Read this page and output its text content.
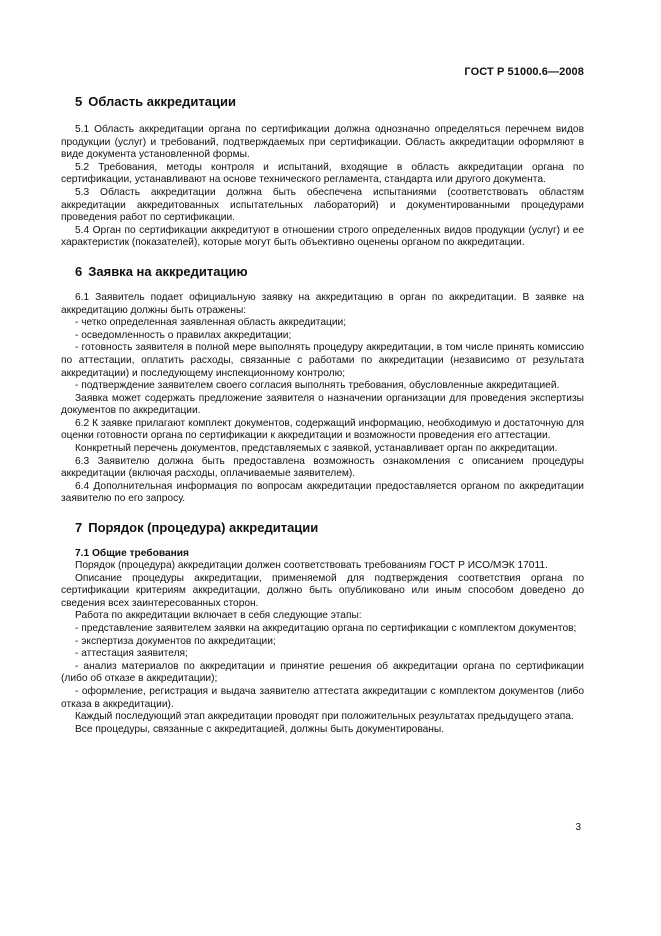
ГОСТ Р 51000.6—2008
5 Область аккредитации

5.1 Область аккредитации органа по сертификации должна однозначно определяться перечнем видов продукции (услуг) и требований, подтверждаемых при сертификации. Область аккредитации оформляют в виде документа установленной формы.

5.2 Требования, методы контроля и испытаний, входящие в область аккредитации органа по сертификации, устанавливают на основе технического регламента, стандарта или другого документа.

5.3 Область аккредитации должна быть обеспечена испытаниями (соответствовать областям аккредитации аккредитованных испытательных лабораторий) и документированными процедурами проведения работ по сертификации.

5.4 Орган по сертификации аккредитуют в отношении строго определенных видов продукции (услуг) и ее характеристик (показателей), которые могут быть объективно оценены органом по аккредитации.

6 Заявка на аккредитацию

6.1 Заявитель подает официальную заявку на аккредитацию в орган по аккредитации. В заявке на аккредитацию должны быть отражены:

- четко определенная заявленная область аккредитации;

- осведомленность о правилах аккредитации;

- готовность заявителя в полной мере выполнять процедуру аккредитации, в том числе принять комиссию по аттестации, оплатить расходы, связанные с работами по аккредитации (независимо от результата аккредитации) и последующему инспекционному контролю;

- подтверждение заявителем своего согласия выполнять требования, обусловленные аккредитацией.

Заявка может содержать предложение заявителя о назначении организации для проведения экспертизы документов по аккредитации.

6.2 К заявке прилагают комплект документов, содержащий информацию, необходимую и достаточную для оценки готовности органа по сертификации к аккредитации и возможности проведения его аттестации.

Конкретный перечень документов, представляемых с заявкой, устанавливает орган по аккредитации.

6.3 Заявителю должна быть предоставлена возможность ознакомления с описанием процедуры аккредитации (включая расходы, оплачиваемые заявителем).

6.4 Дополнительная информация по вопросам аккредитации предоставляется органом по аккредитации заявителю по его запросу.

7 Порядок (процедура) аккредитации
7.1 Общие требования

Порядок (процедура) аккредитации должен соответствовать требованиям ГОСТ Р ИСО/МЭК 17011.

Описание процедуры аккредитации, применяемой для подтверждения соответствия органа по сертификации критериям аккредитации, должно быть опубликовано или иным способом доведено до сведения всех заинтересованных сторон.

Работа по аккредитации включает в себя следующие этапы:

- представление заявителем заявки на аккредитацию органа по сертификации с комплектом документов;

- экспертиза документов по аккредитации;

- аттестация заявителя;

- анализ материалов по аккредитации и принятие решения об аккредитации органа по сертификации (либо об отказе в аккредитации);

- оформление, регистрация и выдача заявителю аттестата аккредитации с комплектом документов (либо отказа в аккредитации).

Каждый последующий этап аккредитации проводят при положительных результатах предыдущего этапа.

Все процедуры, связанные с аккредитацией, должны быть документированы.

3
